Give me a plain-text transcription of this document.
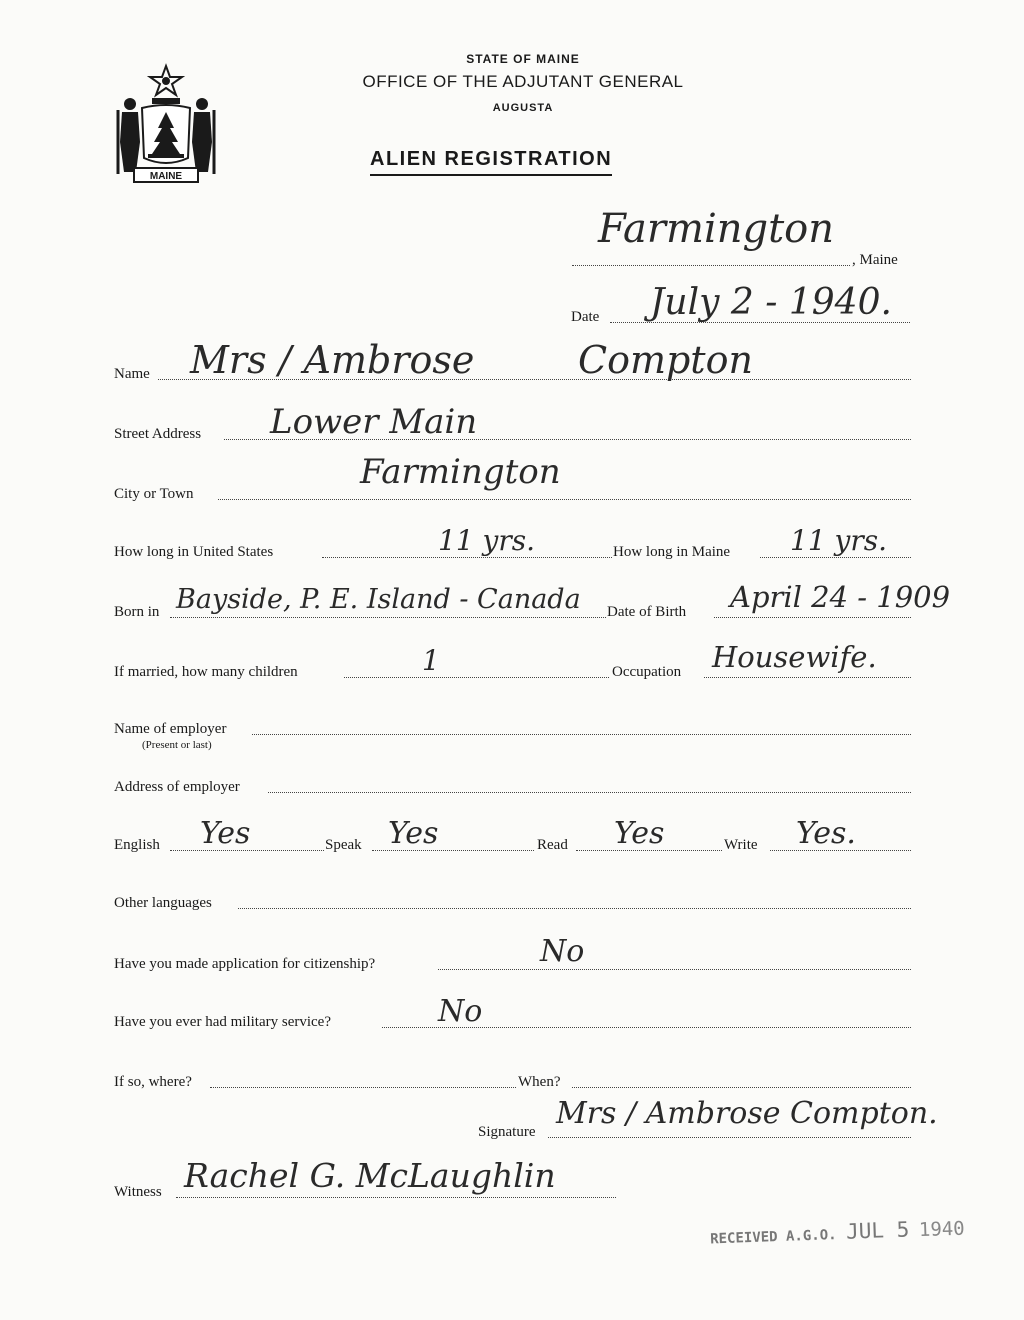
MAINE
STATE OF MAINE
OFFICE OF THE ADJUTANT GENERAL
AUGUSTA
ALIEN REGISTRATION
Farmington
, Maine
Date July 2 - 1940.
Name Mrs / Ambrose	Compton
Street Address Lower Main
City or Town
Farmington
How long in United States	11 yrs.	How long in Maine 11 yrs.
Born in Bayside, P. E. Island - Canada Date of Birth April 24 - 1909
If married, how many children	1	Occupation Housewife.
Name of employer
(Present or last)
Address of employer
English Yes	Speak Yes	Read Yes	Write Yes.
Other languages
Have you made application for citizenship?	No
Have you ever had military service?	No
If so, where?	When?
Signature
Mrs / Ambrose Compton.
Witness Rachel G. McLaughlin
RECEIVED A.G.O. JUL 5 1940
